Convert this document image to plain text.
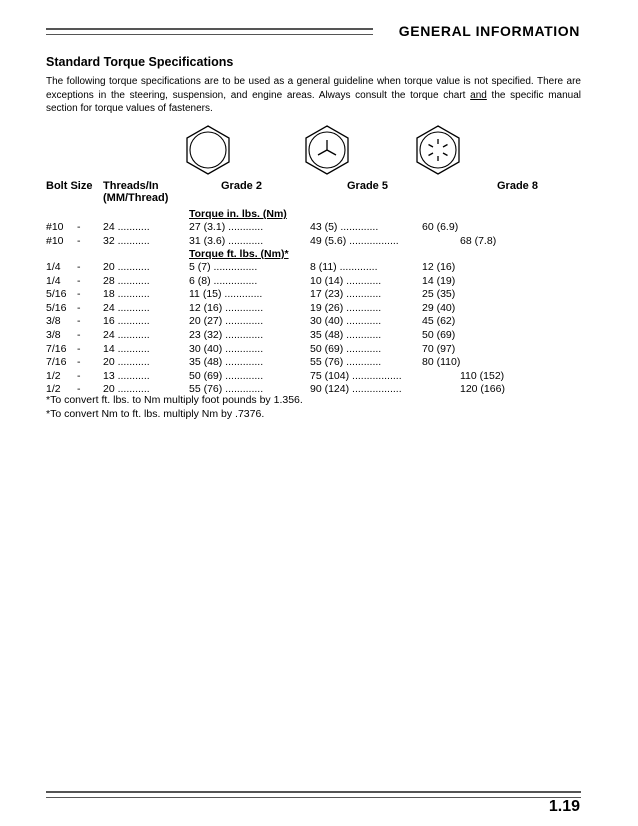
GENERAL INFORMATION
Standard Torque Specifications
The following torque specifications are to be used as a general guideline when torque value is not specified. There are exceptions in the steering, suspension, and engine areas. Always consult the torque chart and the specific manual section for torque values of fasteners.
Bolt Size Threads/In
(MM/Thread)
Grade 2	Grade 5	Grade 8
Torque in. lbs. (Nm)
#10 - 24 ...........	27 (3.1) ............	43 (5) .............	60 (6.9)
#10 - 32 ...........	31 (3.6) ............	49 (5.6) .................	68 (7.8)
Torque ft. lbs. (Nm)*
1/4 - 20 ...........	5 (7) ...............	8 (11) .............	12 (16)
1/4 - 28 ...........	6 (8) ...............	10 (14) ............	14 (19)
5/16 - 18 ...........	11 (15) .............	17 (23) ............	25 (35)
5/16 - 24 ...........	12 (16) .............	19 (26) ............	29 (40)
3/8 - 16 ...........	20 (27) .............	30 (40) ............	45 (62)
3/8 - 24 ...........	23 (32) .............	35 (48) ............	50 (69)
7/16 - 14 ...........	30 (40) .............	50 (69) ............	70 (97)
7/16 - 20 ...........	35 (48) .............	55 (76) ............	80 (110)
1/2 - 13 ...........	50 (69) .............	75 (104) .................	110 (152)
1/2 - 20 ...........	55 (76) .............	90 (124) .................	120 (166)
*To convert ft. lbs. to Nm multiply foot pounds by 1.356.
*To convert Nm to ft. lbs. multiply Nm by .7376.
1.19
